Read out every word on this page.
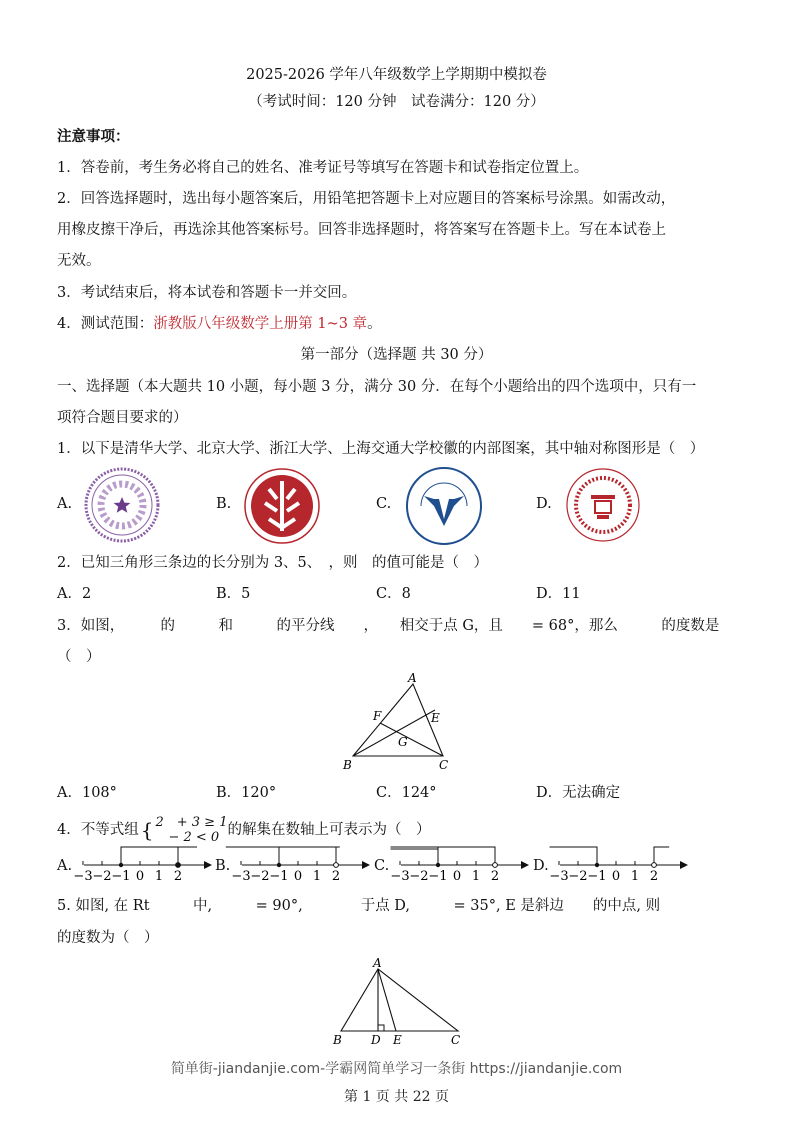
2025-2026 学年八年级数学上学期期中模拟卷
（考试时间：120 分钟　试卷满分：120 分）
注意事项：
1．答卷前，考生务必将自己的姓名、准考证号等填写在答题卡和试卷指定位置上。
2．回答选择题时，选出每小题答案后，用铅笔把答题卡上对应题目的答案标号涂黑。如需改动，
用橡皮擦干净后，再选涂其他答案标号。回答非选择题时，将答案写在答题卡上。写在本试卷上
无效。
3．考试结束后，将本试卷和答题卡一并交回。
4．测试范围：浙教版八年级数学上册第 1~3 章。
第一部分（选择题 共 30 分）
一、选择题（本大题共 10 小题，每小题 3 分，满分 30 分．在每个小题给出的四个选项中，只有一
项符合题目要求的）
1．以下是清华大学、北京大学、浙江大学、上海交通大学校徽的内部图案，其中轴对称图形是（　）
A.	B.	C.	D.
2．已知三角形三条边的长分别为 3、5、　，则　的值可能是（　）
A．2	B．5	C．8	D．11
3．如图，　　　的　　　和　　　的平分线　　，　　相交于点 G，且　　= 68°，那么　　　的度数是
（　）
A
F	E
G
B	C
A．108°	B．120°	C．124°	D．无法确定
4．不等式组 { 2　+ 3 ≥ 1
　− 2 < 0 的解集在数轴上可表示为（　）
5. 如图, 在 Rt　　　中,　　　= 90°,　　　　于点 D,　　　= 35°, E 是斜边　　的中点, 则
的度数为（　）
A
B D E	C
简单街-jiandanjie.com-学霸网简单学习一条街 https://jiandanjie.com
第 1 页 共 22 页
A.
−3 −2 −1 0 1 2
B.
−3 −2 −1 0 1 2
C.
−3 −2 −1 0 1 2
D.
−3 −2 −1 0 1 2
